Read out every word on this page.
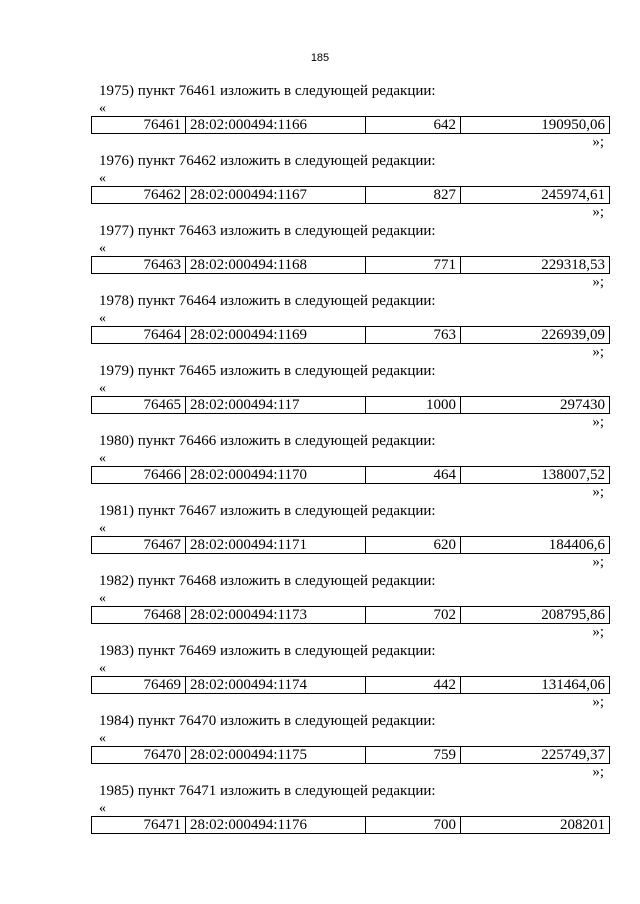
185
1975) пункт 76461 изложить в следующей редакции:
«
76461 28:02:000494:1166	642	190950,06
»;
1976) пункт 76462 изложить в следующей редакции:
«
76462 28:02:000494:1167	827	245974,61
»;
1977) пункт 76463 изложить в следующей редакции:
«
76463 28:02:000494:1168	771	229318,53
»;
1978) пункт 76464 изложить в следующей редакции:
«
76464 28:02:000494:1169	763	226939,09
»;
1979) пункт 76465 изложить в следующей редакции:
«
76465 28:02:000494:117	1000	297430
»;
1980) пункт 76466 изложить в следующей редакции:
«
76466 28:02:000494:1170	464	138007,52
»;
1981) пункт 76467 изложить в следующей редакции:
«
76467 28:02:000494:1171	620	184406,6
»;
1982) пункт 76468 изложить в следующей редакции:
«
76468 28:02:000494:1173	702	208795,86
»;
1983) пункт 76469 изложить в следующей редакции:
«
76469 28:02:000494:1174	442	131464,06
»;
1984) пункт 76470 изложить в следующей редакции:
«
76470 28:02:000494:1175	759	225749,37
»;
1985) пункт 76471 изложить в следующей редакции:
«
76471 28:02:000494:1176	700	208201
